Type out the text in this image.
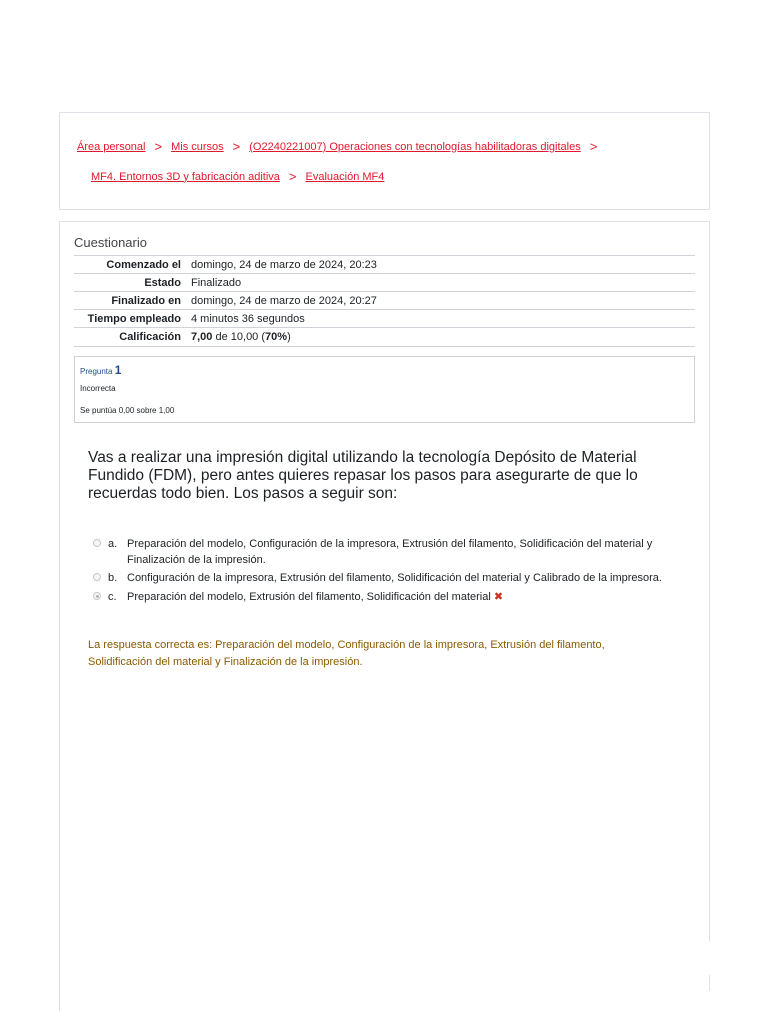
Área personal > Mis cursos > (O2240221007) Operaciones con tecnologías habilitadoras digitales >
MF4. Entornos 3D y fabricación aditiva > Evaluación MF4
Cuestionario
Comenzado el	domingo, 24 de marzo de 2024, 20:23
Estado	Finalizado
Finalizado en	domingo, 24 de marzo de 2024, 20:27
Tiempo empleado	4 minutos 36 segundos
Calificación	7,00 de 10,00 (70%)
Pregunta 1
Incorrecta
Se puntúa 0,00 sobre 1,00
Vas a realizar una impresión digital utilizando la tecnología Depósito de Material Fundido (FDM), pero antes quieres repasar los pasos para asegurarte de que lo recuerdas todo bien. Los pasos a seguir son:
a. Preparación del modelo, Configuración de la impresora, Extrusión del filamento, Solidificación del material y Finalización de la impresión.
b. Configuración de la impresora, Extrusión del filamento, Solidificación del material y Calibrado de la impresora.
c. Preparación del modelo, Extrusión del filamento, Solidificación del material ✖
La respuesta correcta es: Preparación del modelo, Configuración de la impresora, Extrusión del filamento, Solidificación del material y Finalización de la impresión.
